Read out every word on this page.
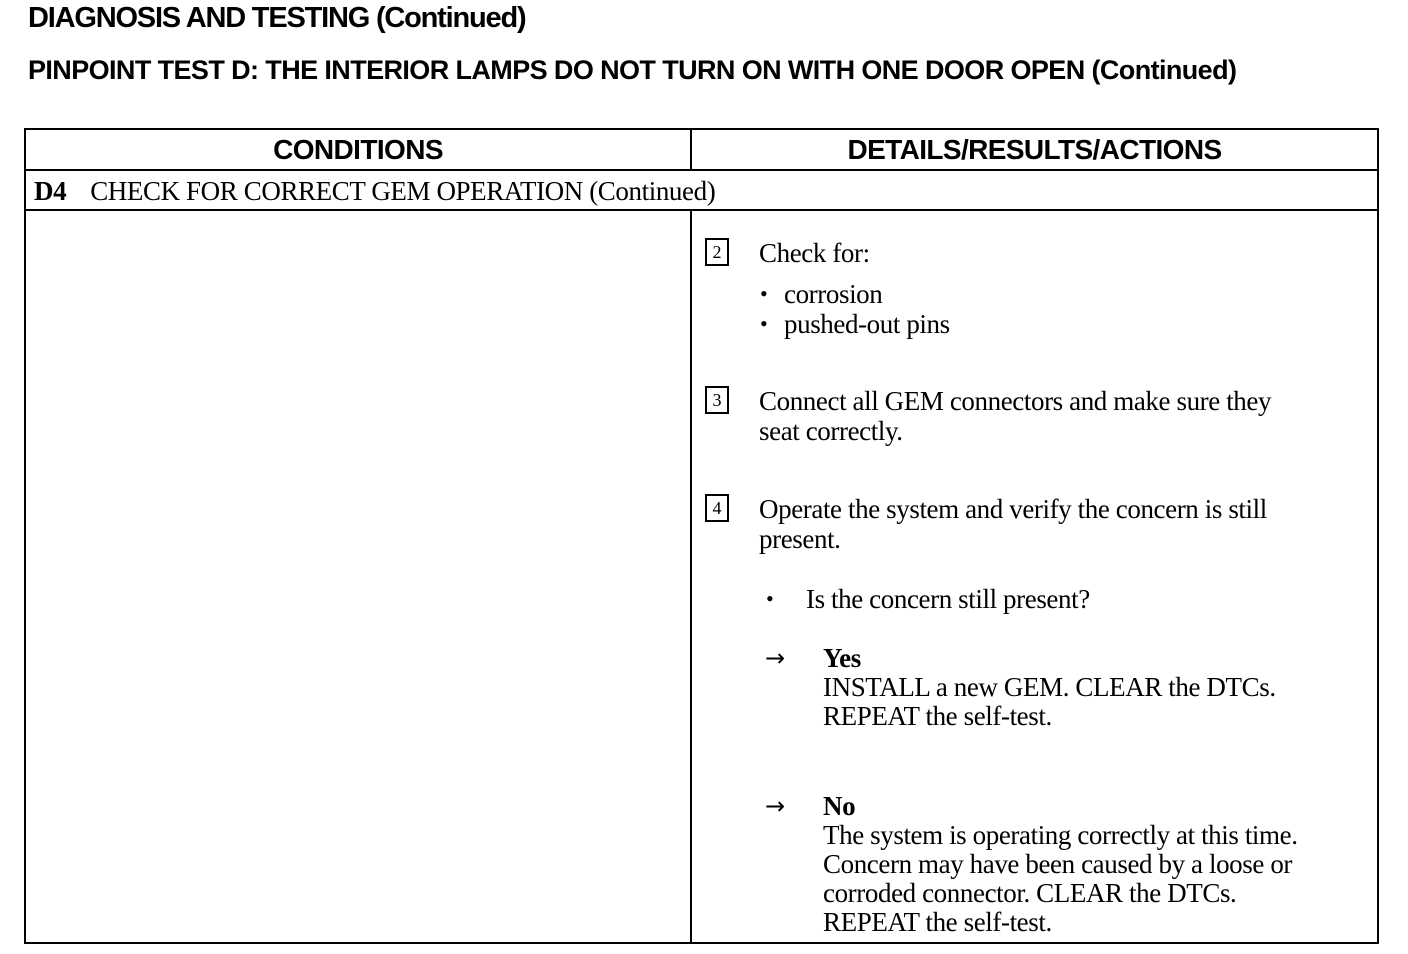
DIAGNOSIS AND TESTING (Continued)
PINPOINT TEST D: THE INTERIOR LAMPS DO NOT TURN ON WITH ONE DOOR OPEN (Continued)
CONDITIONS	DETAILS/RESULTS/ACTIONS
D4 CHECK FOR CORRECT GEM OPERATION (Continued)
2 Check for:
• corrosion
• pushed-out pins
3 Connect all GEM connectors and make sure they
seat correctly.
4 Operate the system and verify the concern is still
present.
• Is the concern still present?
→ Yes
INSTALL a new GEM. CLEAR the DTCs.
REPEAT the self-test.
→ No
The system is operating correctly at this time.
Concern may have been caused by a loose or
corroded connector. CLEAR the DTCs.
REPEAT the self-test.
